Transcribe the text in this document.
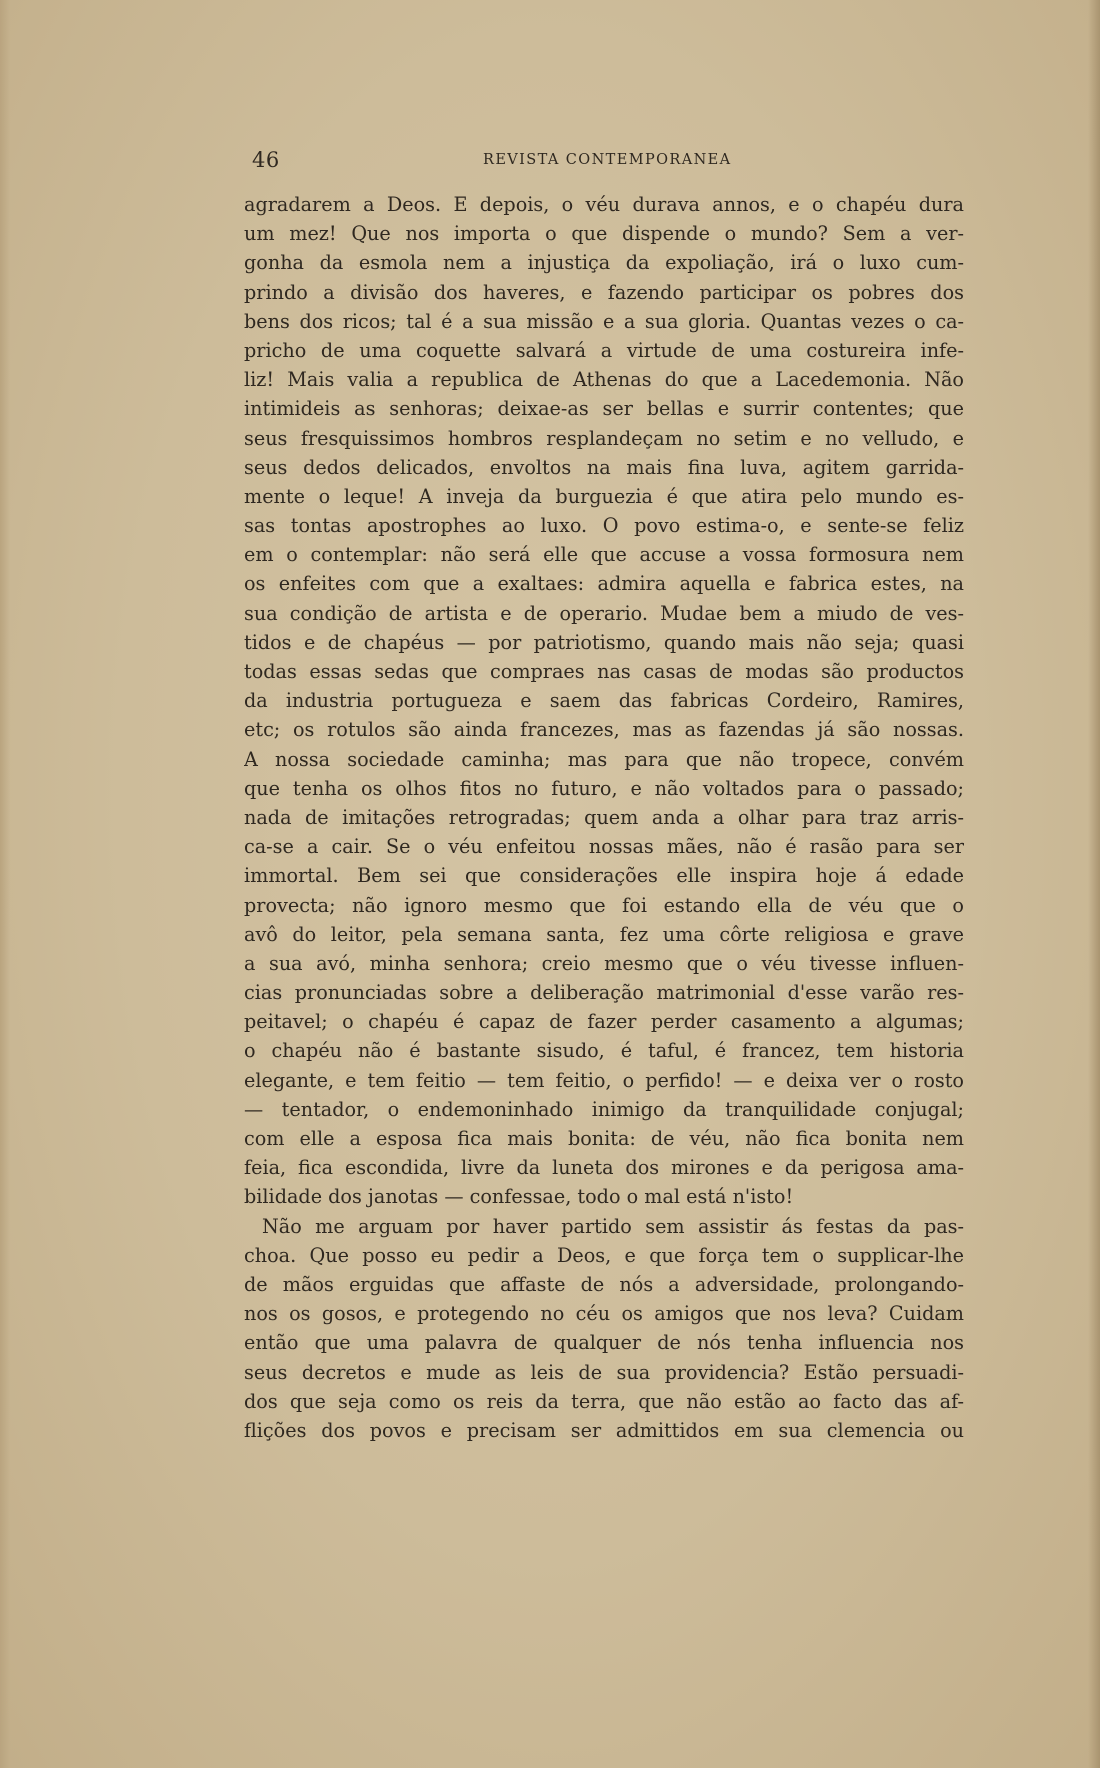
46	REVISTA CONTEMPORANEA
agradarem a Deos. E depois, o véu durava annos, e o chapéu dura
um mez! Que nos importa o que dispende o mundo? Sem a ver-
gonha da esmola nem a injustiça da expoliação, irá o luxo cum-
prindo a divisão dos haveres, e fazendo participar os pobres dos
bens dos ricos; tal é a sua missão e a sua gloria. Quantas vezes o ca-
pricho de uma coquette salvará a virtude de uma costureira infe-
liz! Mais valia a republica de Athenas do que a Lacedemonia. Não
intimideis as senhoras; deixae-as ser bellas e surrir contentes; que
seus fresquissimos hombros resplandeçam no setim e no velludo, e
seus dedos delicados, envoltos na mais fina luva, agitem garrida-
mente o leque! A inveja da burguezia é que atira pelo mundo es-
sas tontas apostrophes ao luxo. O povo estima-o, e sente-se feliz
em o contemplar: não será elle que accuse a vossa formosura nem
os enfeites com que a exaltaes: admira aquella e fabrica estes, na
sua condição de artista e de operario. Mudae bem a miudo de ves-
tidos e de chapéus — por patriotismo, quando mais não seja; quasi
todas essas sedas que compraes nas casas de modas são productos
da industria portugueza e saem das fabricas Cordeiro, Ramires,
etc; os rotulos são ainda francezes, mas as fazendas já são nossas.
A nossa sociedade caminha; mas para que não tropece, convém
que tenha os olhos fitos no futuro, e não voltados para o passado;
nada de imitações retrogradas; quem anda a olhar para traz arris-
ca-se a cair. Se o véu enfeitou nossas mães, não é rasão para ser
immortal. Bem sei que considerações elle inspira hoje á edade
provecta; não ignoro mesmo que foi estando ella de véu que o
avô do leitor, pela semana santa, fez uma côrte religiosa e grave
a sua avó, minha senhora; creio mesmo que o véu tivesse influen-
cias pronunciadas sobre a deliberação matrimonial d'esse varão res-
peitavel; o chapéu é capaz de fazer perder casamento a algumas;
o chapéu não é bastante sisudo, é taful, é francez, tem historia
elegante, e tem feitio — tem feitio, o perfido! — e deixa ver o rosto
— tentador, o endemoninhado inimigo da tranquilidade conjugal;
com elle a esposa fica mais bonita: de véu, não fica bonita nem
feia, fica escondida, livre da luneta dos mirones e da perigosa ama-
bilidade dos janotas — confessae, todo o mal está n'isto!
Não me arguam por haver partido sem assistir ás festas da pas-
choa. Que posso eu pedir a Deos, e que força tem o supplicar-lhe
de mãos erguidas que affaste de nós a adversidade, prolongando-
nos os gosos, e protegendo no céu os amigos que nos leva? Cuidam
então que uma palavra de qualquer de nós tenha influencia nos
seus decretos e mude as leis de sua providencia? Estão persuadi-
dos que seja como os reis da terra, que não estão ao facto das af-
flições dos povos e precisam ser admittidos em sua clemencia ou
